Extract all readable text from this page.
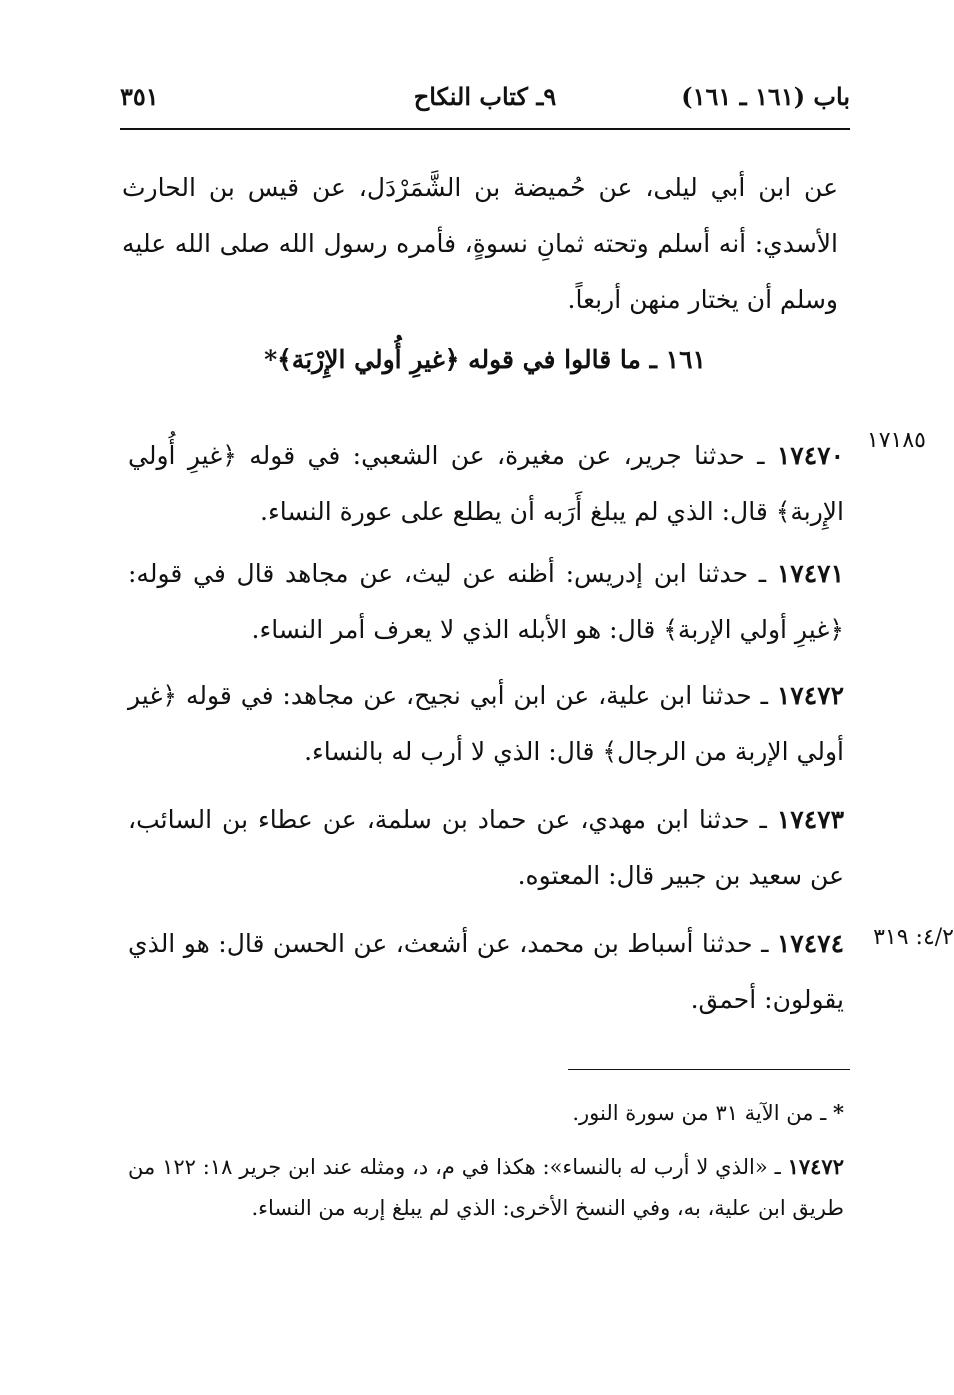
باب (١٦١ ـ ١٦١)
٩ـ كتاب النكاح
٣٥١
عن ابن أبي ليلى، عن حُميضة بن الشَّمَرْدَل، عن قيس بن الحارث الأسدي: أنه أسلم وتحته ثمانِ نسوةٍ، فأمره رسول الله صلى الله عليه وسلم أن يختار منهن أربعاً.
١٦١ ـ ما قالوا في قوله ﴿غيرِ أُولي الإِرْبَة﴾*
١٧١٨٥
١٧٤٧٠ ـ حدثنا جرير، عن مغيرة، عن الشعبي: في قوله ﴿غيرِ أُولي الإِربة﴾ قال: الذي لم يبلغ أَرَبه أن يطلع على عورة النساء.
١٧٤٧١ ـ حدثنا ابن إدريس: أظنه عن ليث، عن مجاهد قال في قوله: ﴿غيرِ أولي الإربة﴾ قال: هو الأبله الذي لا يعرف أمر النساء.
١٧٤٧٢ ـ حدثنا ابن علية، عن ابن أبي نجيح، عن مجاهد: في قوله ﴿غير أولي الإربة من الرجال﴾ قال: الذي لا أرب له بالنساء.
١٧٤٧٣ ـ حدثنا ابن مهدي، عن حماد بن سلمة، عن عطاء بن السائب، عن سعيد بن جبير قال: المعتوه.
٤/٢: ٣١٩
١٧٤٧٤ ـ حدثنا أسباط بن محمد، عن أشعث، عن الحسن قال: هو الذي يقولون: أحمق.
* ـ من الآية ٣١ من سورة النور.
١٧٤٧٢ ـ «الذي لا أرب له بالنساء»: هكذا في م، د، ومثله عند ابن جرير ١٨: ١٢٢ من طريق ابن علية، به، وفي النسخ الأخرى: الذي لم يبلغ إربه من النساء.
